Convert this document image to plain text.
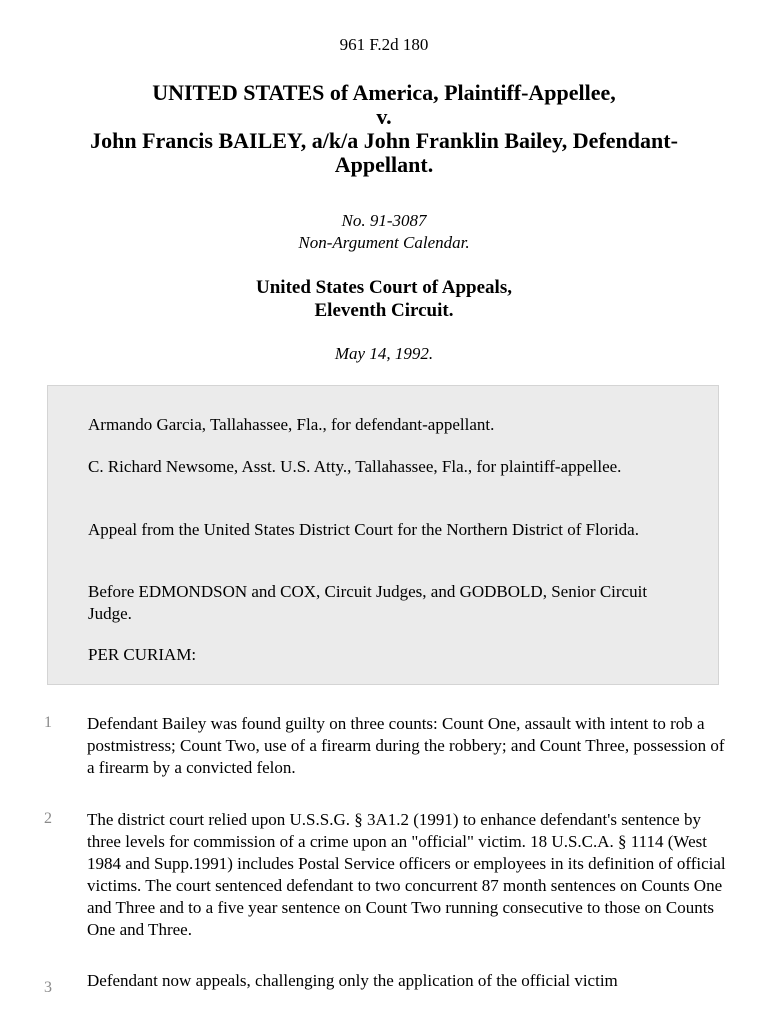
961 F.2d 180
UNITED STATES of America, Plaintiff-Appellee,
v.
John Francis BAILEY, a/k/a John Franklin Bailey, Defendant-
Appellant.
No. 91-3087
Non-Argument Calendar.
United States Court of Appeals,
Eleventh Circuit.
May 14, 1992.

Armando Garcia, Tallahassee, Fla., for defendant-appellant.

C. Richard Newsome, Asst. U.S. Atty., Tallahassee, Fla., for plaintiff-appellee.

Appeal from the United States District Court for the Northern District of Florida.

Before EDMONDSON and COX, Circuit Judges, and GODBOLD, Senior Circuit Judge.

PER CURIAM:

1	Defendant Bailey was found guilty on three counts: Count One, assault with intent to rob a postmistress; Count Two, use of a firearm during the robbery; and Count Three, possession of a firearm by a convicted felon.
2	The district court relied upon U.S.S.G. § 3A1.2 (1991) to enhance defendant's sentence by three levels for commission of a crime upon an "official" victim. 18 U.S.C.A. § 1114 (West 1984 and Supp.1991) includes Postal Service officers or employees in its definition of official victims. The court sentenced defendant to two concurrent 87 month sentences on Counts One and Three and to a five year sentence on Count Two running consecutive to those on Counts One and Three.
3	Defendant now appeals, challenging only the application of the official victim
